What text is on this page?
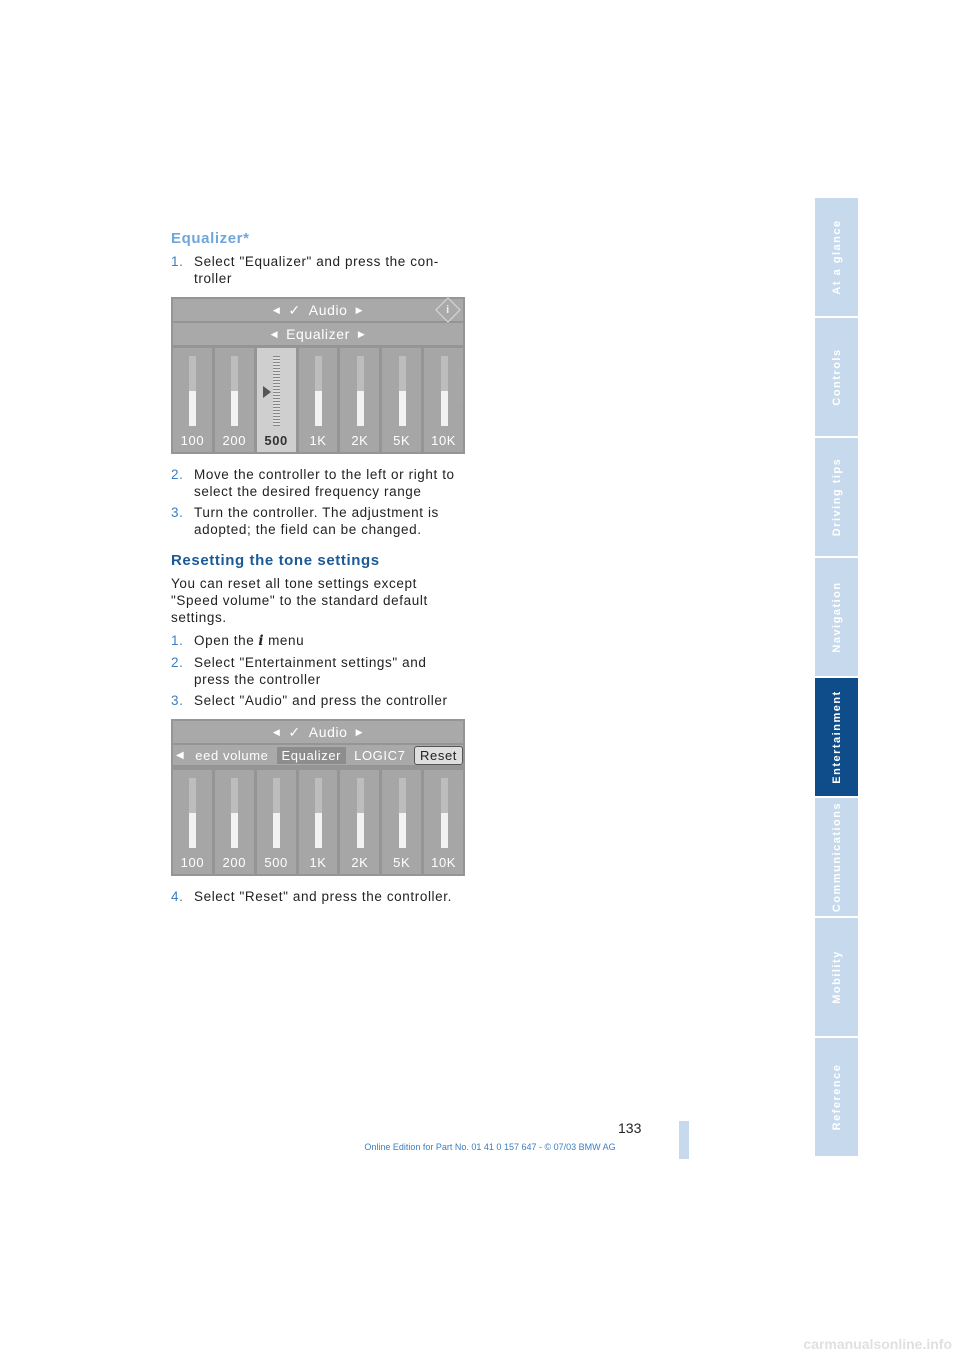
At a glance
Controls
Driving tips
Navigation
Entertainment
Communications
Mobility
Reference
Equalizer*
1. Select "Equalizer" and press the con-troller
◀ ✓ Audio ▶	i
◀ Equalizer ▶
100	200	500	1K	2K	5K	10K
MN0095EEB
2. Move the controller to the left or right to select the desired frequency range
3. Turn the controller. The adjustment is adopted; the field can be changed.
Resetting the tone settings

You can reset all tone settings except "Speed volume" to the standard default settings.

1. Open the i menu
2. Select "Entertainment settings" and press the controller
3. Select "Audio" and press the controller
◀ ✓ Audio ▶
◀ eed volume	Equalizer	LOGIC7	Reset
100	200	500	1K	2K	5K	10K
MN0102EEB
4. Select "Reset" and press the controller.
133
Online Edition for Part No. 01 41 0 157 647 - © 07/03 BMW AG
carmanualsonline.info
